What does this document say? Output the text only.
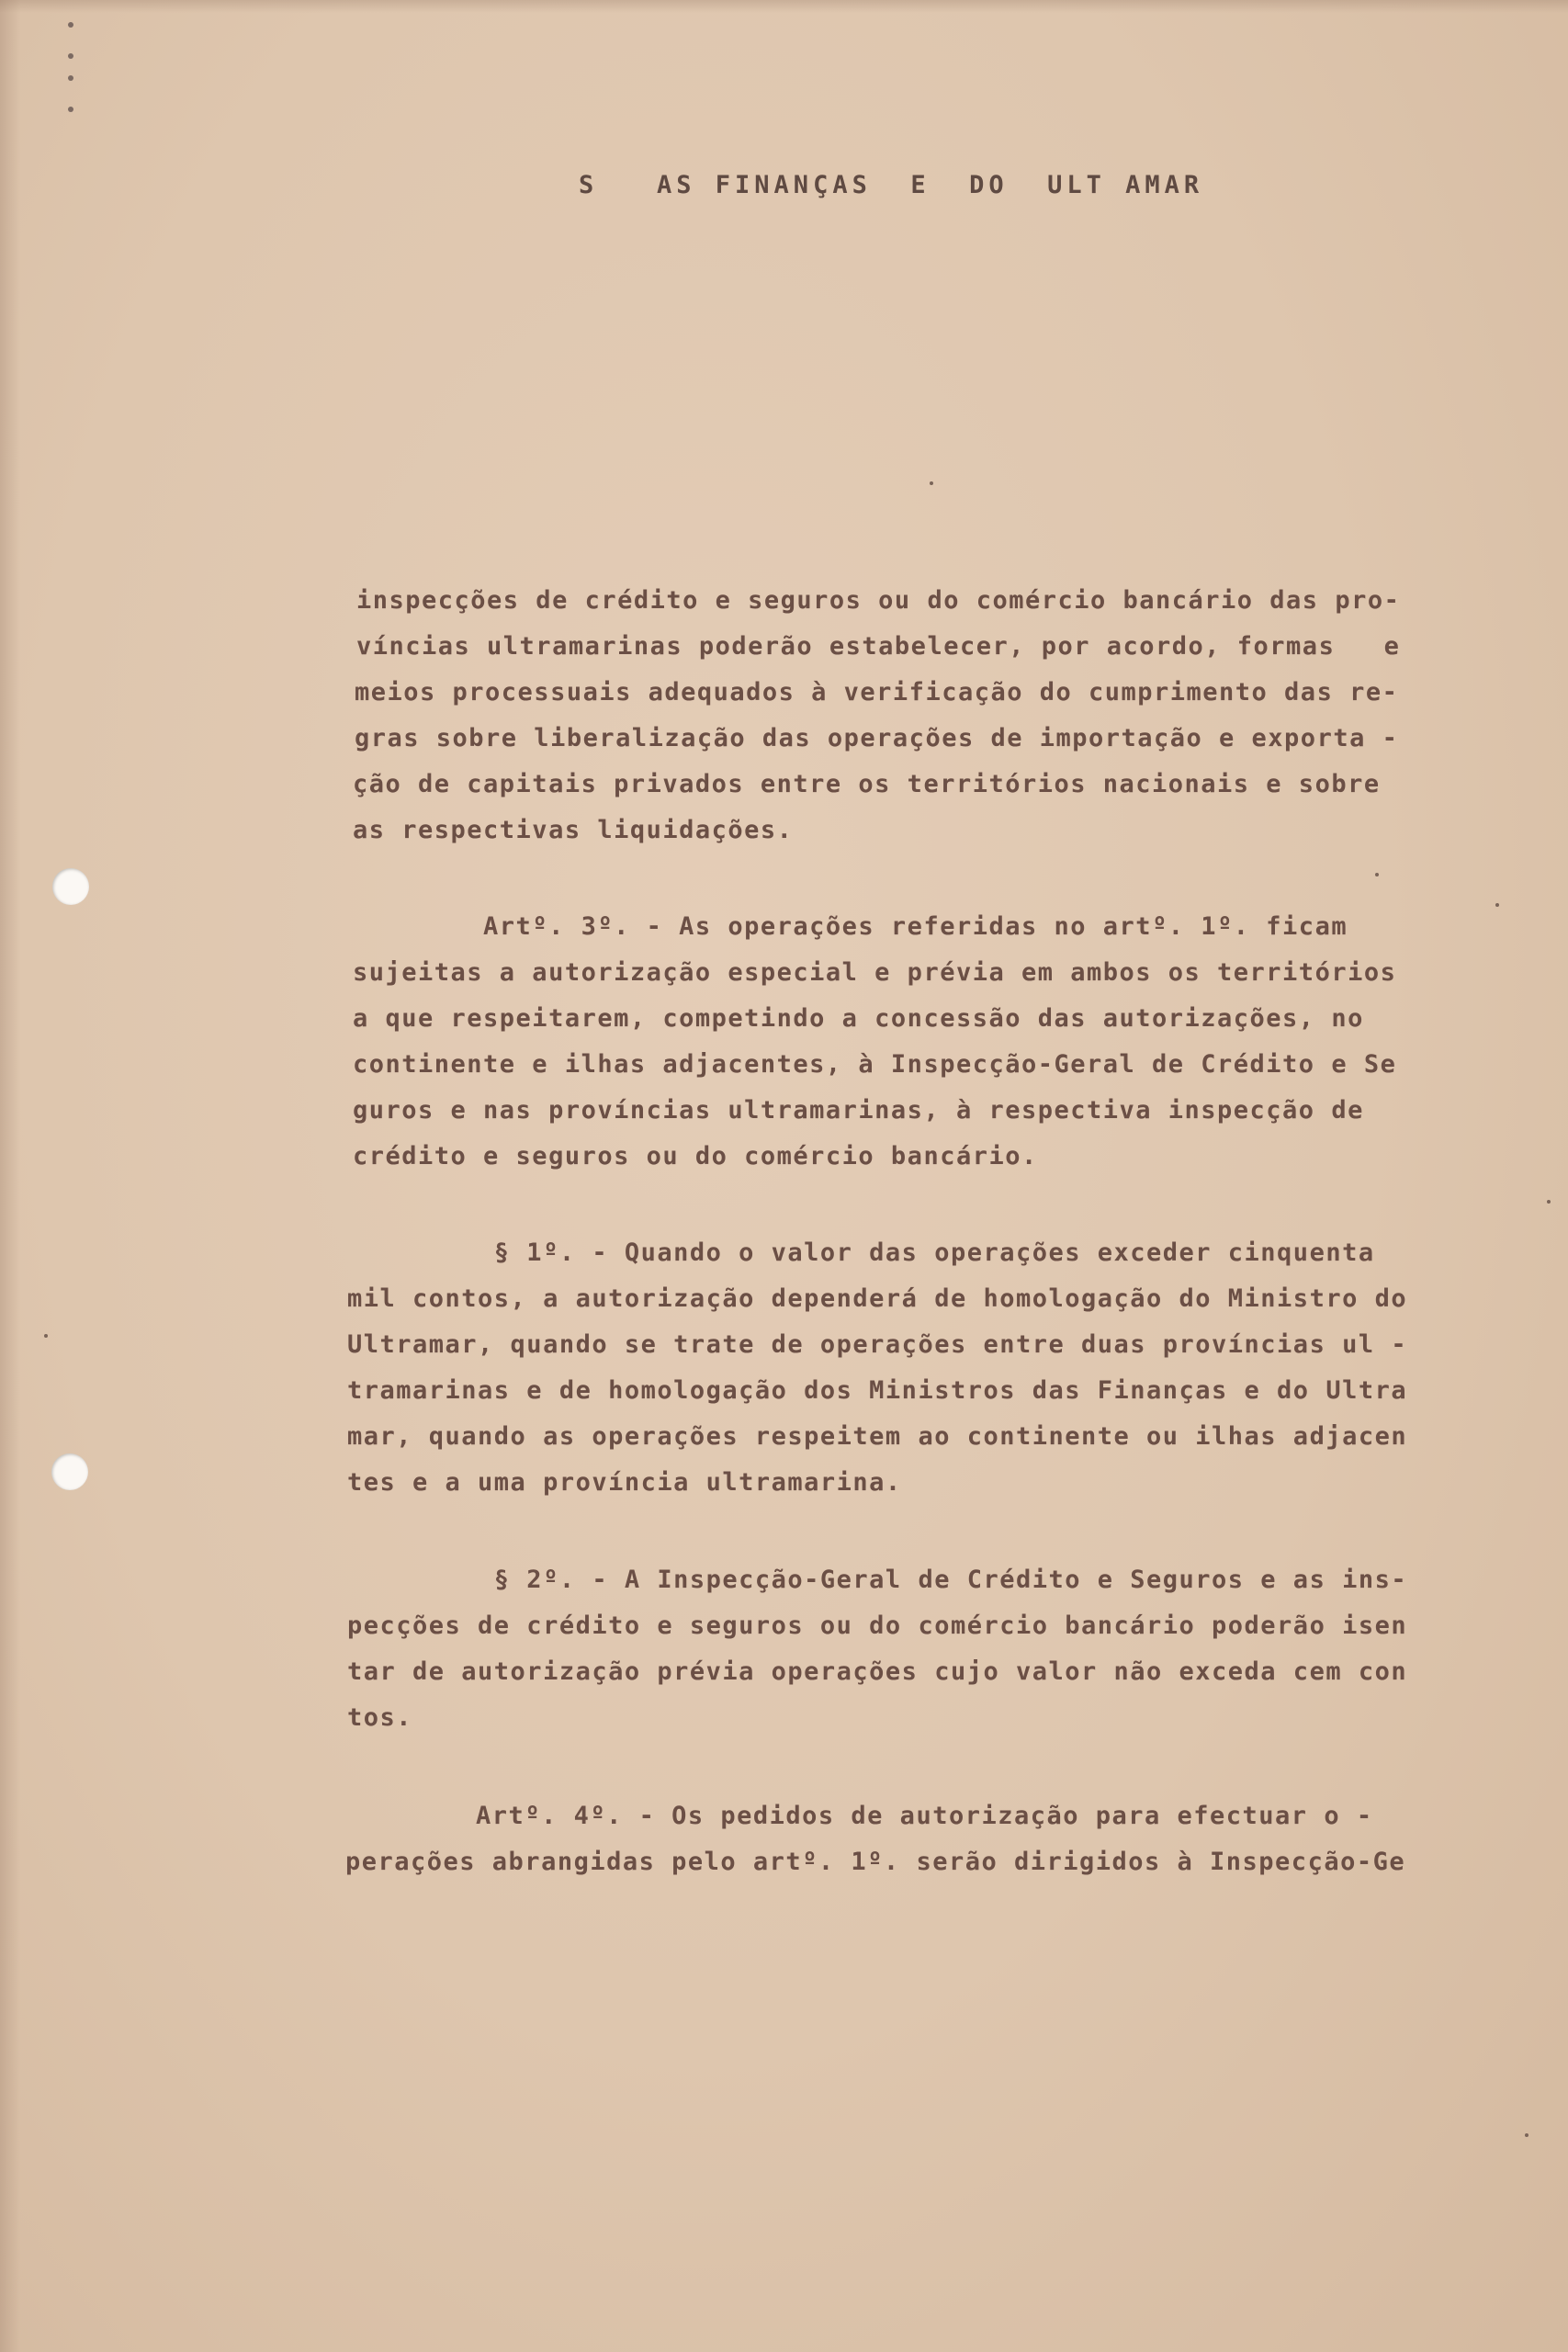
S   AS FINANÇAS  E  DO  ULT AMAR
inspecções de crédito e seguros ou do comércio bancário das pro-
víncias ultramarinas poderão estabelecer, por acordo, formas   e
meios processuais adequados à verificação do cumprimento das re-
gras sobre liberalização das operações de importação e exporta -
ção de capitais privados entre os territórios nacionais e sobre
as respectivas liquidações.
Artº. 3º. - As operações referidas no artº. 1º. ficam
sujeitas a autorização especial e prévia em ambos os territórios
a que respeitarem, competindo a concessão das autorizações, no
continente e ilhas adjacentes, à Inspecção-Geral de Crédito e Se
guros e nas províncias ultramarinas, à respectiva inspecção de
crédito e seguros ou do comércio bancário.
§ 1º. - Quando o valor das operações exceder cinquenta
mil contos, a autorização dependerá de homologação do Ministro do
Ultramar, quando se trate de operações entre duas províncias ul -
tramarinas e de homologação dos Ministros das Finanças e do Ultra
mar, quando as operações respeitem ao continente ou ilhas adjacen
tes e a uma província ultramarina.
§ 2º. - A Inspecção-Geral de Crédito e Seguros e as ins-
pecções de crédito e seguros ou do comércio bancário poderão isen
tar de autorização prévia operações cujo valor não exceda cem con
tos.
Artº. 4º. - Os pedidos de autorização para efectuar o -
perações abrangidas pelo artº. 1º. serão dirigidos à Inspecção-Ge
